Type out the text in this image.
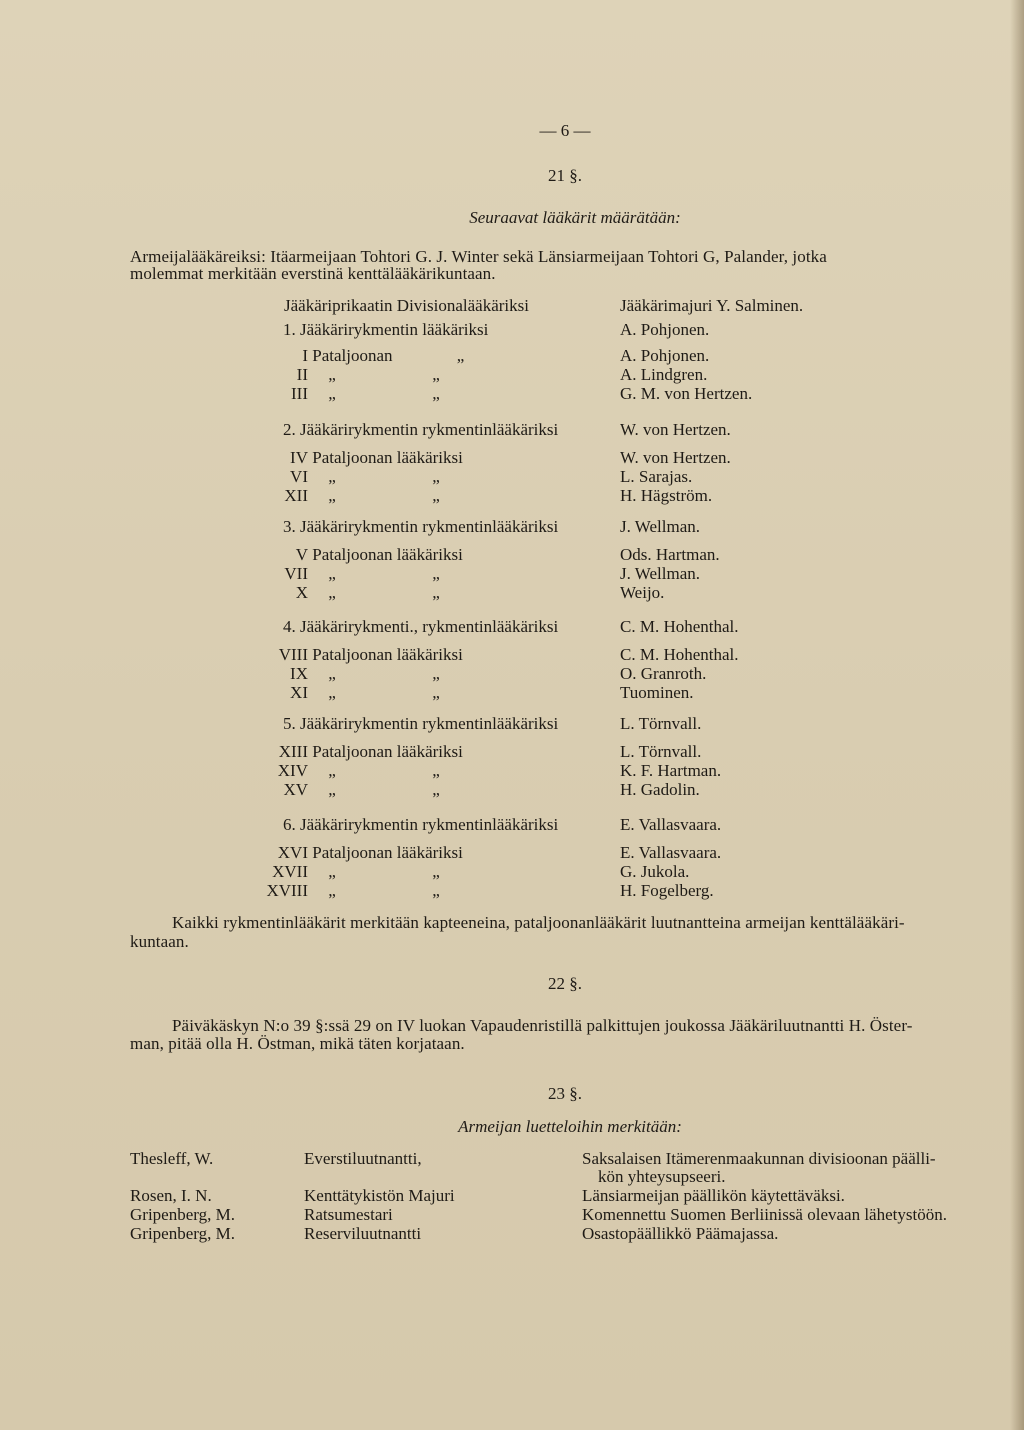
— 6 —
21 §.
Seuraavat lääkärit määrätään:
Armeijalääkäreiksi: Itäarmeijaan Tohtori G. J. Winter sekä Länsiarmeijaan Tohtori G, Palander, jotka
molemmat merkitään everstinä kenttälääkärikuntaan.
Jääkäriprikaatin Divisionalääkäriksi	Jääkärimajuri Y. Salminen.
1. Jääkärirykmentin lääkäriksi	A. Pohjonen.
I Pataljoonan	„	A. Pohjonen.
II „	„	A. Lindgren.
III „	„	G. M. von Hertzen.
2. Jääkärirykmentin rykmentinlääkäriksi	W. von Hertzen.
IV Pataljoonan lääkäriksi	W. von Hertzen.
VI „	„	L. Sarajas.
XII „	„	H. Hägström.
3. Jääkärirykmentin rykmentinlääkäriksi	J. Wellman.
V Pataljoonan lääkäriksi	Ods. Hartman.
VII „	„	J. Wellman.
X „	„	Weijo.
4. Jääkärirykmenti., rykmentinlääkäriksi	C. M. Hohenthal.
VIII Pataljoonan lääkäriksi	C. M. Hohenthal.
IX „	„	O. Granroth.
XI „	„	Tuominen.
5. Jääkärirykmentin rykmentinlääkäriksi	L. Törnvall.
XIII Pataljoonan lääkäriksi	L. Törnvall.
XIV „	„	K. F. Hartman.
XV „	„	H. Gadolin.
6. Jääkärirykmentin rykmentinlääkäriksi	E. Vallasvaara.
XVI Pataljoonan lääkäriksi	E. Vallasvaara.
XVII „	„	G. Jukola.
XVIII „	„	H. Fogelberg.
Kaikki rykmentinlääkärit merkitään kapteeneina, pataljoonanlääkärit luutnantteina armeijan kenttälääkäri-
kuntaan.
22 §.
Päiväkäskyn N:o 39 §:ssä 29 on IV luokan Vapaudenristillä palkittujen joukossa Jääkäriluutnantti H. Öster-
man, pitää olla H. Östman, mikä täten korjataan.
23 §.
Armeijan luetteloihin merkitään:
Thesleff, W.	Everstiluutnantti,	Saksalaisen Itämerenmaakunnan divisioonan päälli-
kön yhteysupseeri.
Rosen, I. N.	Kenttätykistön Majuri	Länsiarmeijan päällikön käytettäväksi.
Gripenberg, M.	Ratsumestari	Komennettu Suomen Berliinissä olevaan lähetystöön.
Gripenberg, M.	Reserviluutnantti	Osastopäällikkö Päämajassa.
